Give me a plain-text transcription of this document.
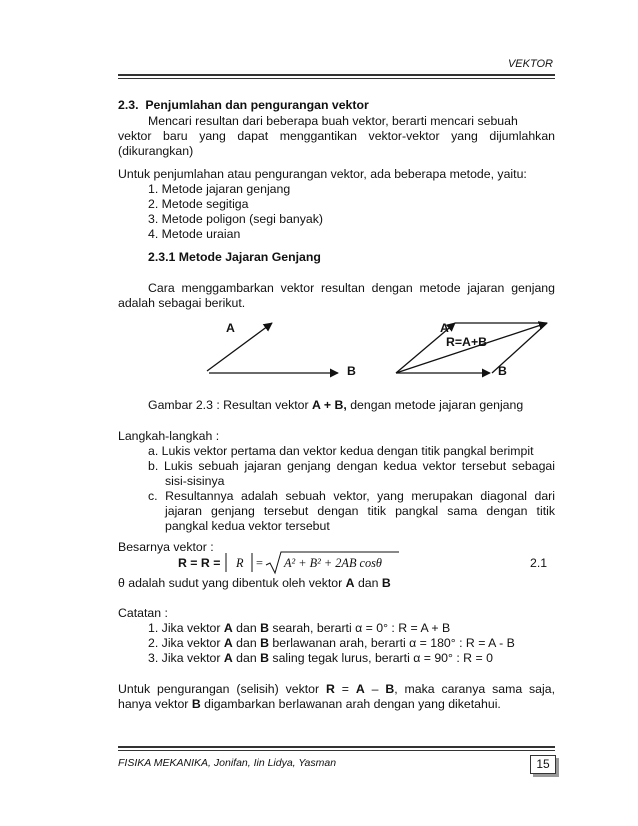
VEKTOR
2.3. Penjumlahan dan pengurangan vektor
Mencari resultan dari beberapa buah vektor, berarti mencari sebuah
vektor baru yang dapat menggantikan vektor-vektor yang dijumlahkan
(dikurangkan)
Untuk penjumlahan atau pengurangan vektor, ada beberapa metode, yaitu:
1. Metode jajaran genjang
2. Metode segitiga
3. Metode poligon (segi banyak)
4. Metode uraian
2.3.1 Metode Jajaran Genjang
Cara menggambarkan vektor resultan dengan metode jajaran genjang
adalah sebagai berikut.
A
B
A
R=A+B
B
Gambar 2.3 : Resultan vektor A + B, dengan metode jajaran genjang
Langkah-langkah :
a. Lukis vektor pertama dan vektor kedua dengan titik pangkal berimpit
b. Lukis sebuah jajaran genjang dengan kedua vektor tersebut sebagai
sisi-sisinya
c. Resultannya adalah sebuah vektor, yang merupakan diagonal dari
jajaran genjang tersebut dengan titik pangkal sama dengan titik
pangkal kedua vektor tersebut
Besarnya vektor :
R = R = R = A² + B² + 2AB cosθ	2.1
θ adalah sudut yang dibentuk oleh vektor A dan B
Catatan :
1. Jika vektor A dan B searah, berarti α = 0° : R = A + B
2. Jika vektor A dan B berlawanan arah, berarti α = 180° : R = A - B
3. Jika vektor A dan B saling tegak lurus, berarti α = 90° : R = 0
Untuk pengurangan (selisih) vektor R = A – B, maka caranya sama saja,
hanya vektor B digambarkan berlawanan arah dengan yang diketahui.
FISIKA MEKANIKA, Jonifan, Iin Lidya, Yasman	15
